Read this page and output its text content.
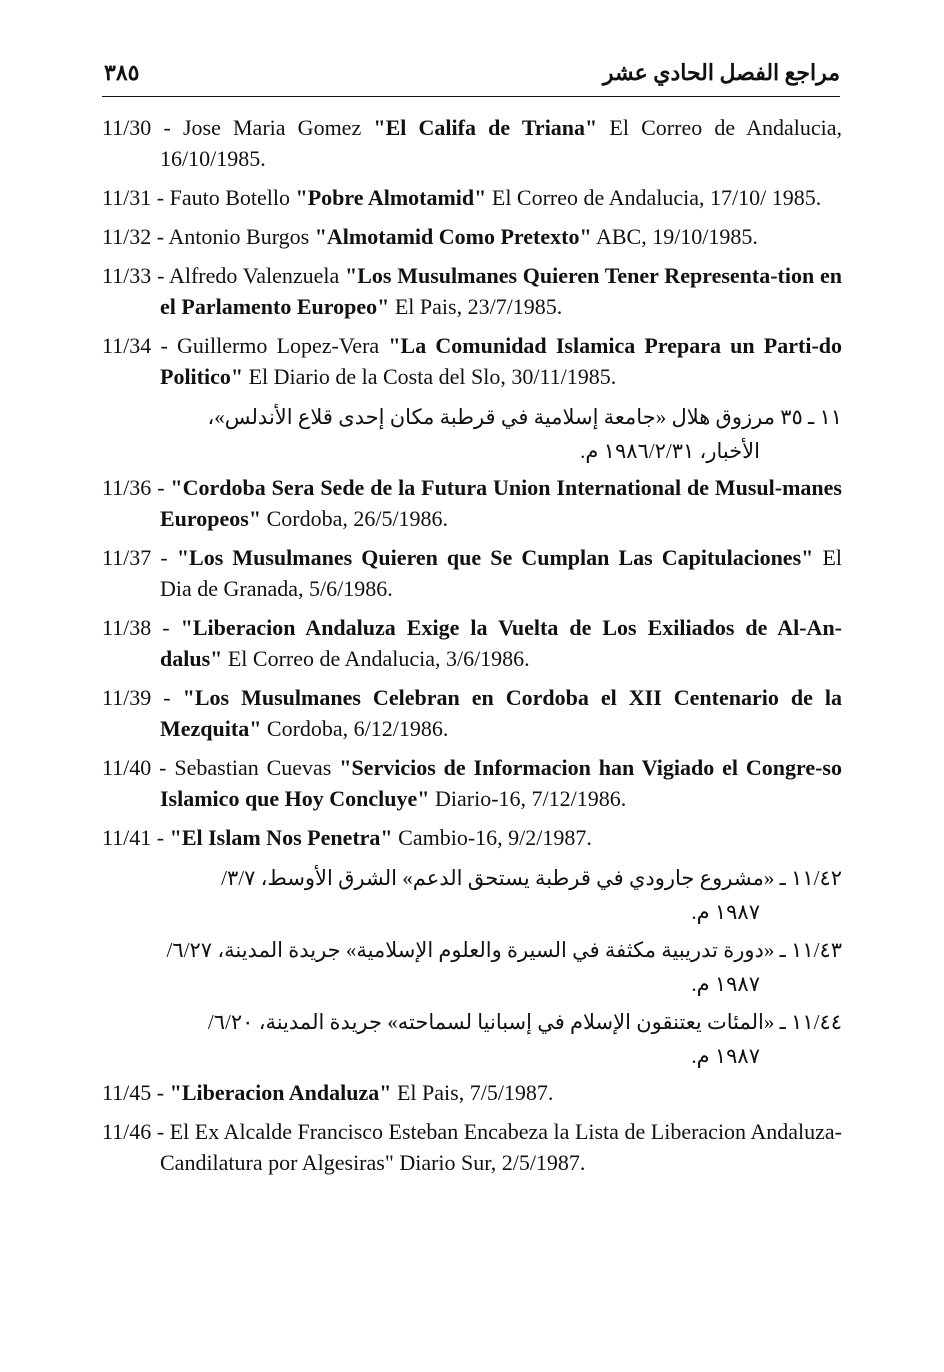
٣٨٥	مراجع الفصل الحادي عشر
11/30 - Jose Maria Gomez "El Califa de Triana" El Correo de Andalucia, 16/10/1985.
11/31 - Fauto Botello "Pobre Almotamid" El Correo de Andalucia, 17/10/ 1985.
11/32 - Antonio Burgos "Almotamid Como Pretexto" ABC, 19/10/1985.
11/33 - Alfredo Valenzuela "Los Musulmanes Quieren Tener Representa-tion en el Parlamento Europeo" El Pais, 23/7/1985.
11/34 - Guillermo Lopez-Vera "La Comunidad Islamica Prepara un Parti-do Politico" El Diario de la Costa del Slo, 30/11/1985.
١١ ـ ٣٥ مرزوق هلال «جامعة إسلامية في قرطبة مكان إحدى قلاع الأندلس»،
الأخبار، ١٩٨٦/٢/٣١ م.
11/36 - "Cordoba Sera Sede de la Futura Union International de Musul-manes Europeos" Cordoba, 26/5/1986.
11/37 - "Los Musulmanes Quieren que Se Cumplan Las Capitulaciones" El Dia de Granada, 5/6/1986.
11/38 - "Liberacion Andaluza Exige la Vuelta de Los Exiliados de Al-An-dalus" El Correo de Andalucia, 3/6/1986.
11/39 - "Los Musulmanes Celebran en Cordoba el XII Centenario de la Mezquita" Cordoba, 6/12/1986.
11/40 - Sebastian Cuevas "Servicios de Informacion han Vigiado el Congre-so Islamico que Hoy Concluye" Diario-16, 7/12/1986.
11/41 - "El Islam Nos Penetra" Cambio-16, 9/2/1987.
١١/٤٢ ـ «مشروع جارودي في قرطبة يستحق الدعم» الشرق الأوسط، ٣/٧/
١٩٨٧ م.
١١/٤٣ ـ «دورة تدريبية مكثفة في السيرة والعلوم الإسلامية» جريدة المدينة، ٦/٢٧/
١٩٨٧ م.
١١/٤٤ ـ «المئات يعتنقون الإسلام في إسبانيا لسماحته» جريدة المدينة، ٦/٢٠/
١٩٨٧ م.
11/45 - "Liberacion Andaluza" El Pais, 7/5/1987.
11/46 - El Ex Alcalde Francisco Esteban Encabeza la Lista de Liberacion Andaluza-Candilatura por Algesiras" Diario Sur, 2/5/1987.
